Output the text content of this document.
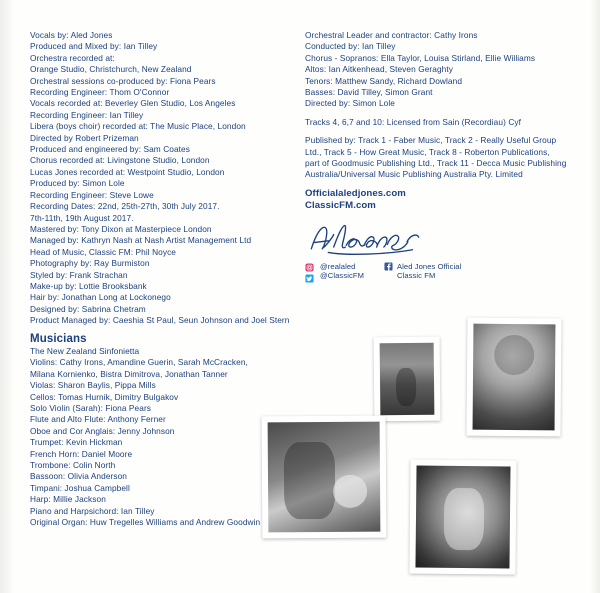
Vocals by: Aled Jones
Produced and Mixed by: Ian Tilley
Orchestra recorded at:
Orange Studio, Christchurch, New Zealand
Orchestral sessions co-produced by: Fiona Pears
Recording Engineer: Thom O'Connor
Vocals recorded at: Beverley Glen Studio, Los Angeles
Recording Engineer: Ian Tilley
Libera (boys choir) recorded at: The Music Place, London
Directed by Robert Prizeman
Produced and engineered by: Sam Coates
Chorus recorded at: Livingstone Studio, London
Lucas Jones recorded at: Westpoint Studio, London
Produced by: Simon Lole
Recording Engineer: Steve Lowe
Recording Dates: 22nd, 25th-27th, 30th July 2017.
7th-11th, 19th August 2017.
Mastered by: Tony Dixon at Masterpiece London
Managed by: Kathryn Nash at Nash Artist Management Ltd
Head of Music, Classic FM: Phil Noyce
Photography by: Ray Burmiston
Styled by: Frank Strachan
Make-up by: Lottie Brooksbank
Hair by: Jonathan Long at Lockonego
Designed by: Sabrina Chetram
Product Managed by: Caeshia St Paul, Seun Johnson and Joel Stern
Musicians
The New Zealand Sinfonietta
Violins: Cathy Irons, Amandine Guerin, Sarah McCracken,
Milana Kornienko, Bistra Dimitrova, Jonathan Tanner
Violas: Sharon Baylis, Pippa Mills
Cellos: Tomas Hurnik, Dimitry Bulgakov
Solo Violin (Sarah): Fiona Pears
Flute and Alto Flute: Anthony Ferner
Oboe and Cor Anglais: Jenny Johnson
Trumpet: Kevin Hickman
French Horn: Daniel Moore
Trombone: Colin North
Bassoon: Olivia Anderson
Timpani: Joshua Campbell
Harp: Millie Jackson
Piano and Harpsichord: Ian Tilley
Original Organ: Huw Tregelles Williams and Andrew Goodwin
Orchestral Leader and contractor: Cathy Irons
Conducted by: Ian Tilley
Chorus - Sopranos: Ella Taylor, Louisa Stirland, Ellie Williams
Altos: Ian Aitkenhead, Steven Geraghty
Tenors: Matthew Sandy, Richard Dowland
Basses: David Tilley, Simon Grant
Directed by: Simon Lole
Tracks 4, 6,7 and 10: Licensed from Sain (Recordiau) Cyf
Published by: Track 1 - Faber Music, Track 2 - Really Useful Group
Ltd., Track 5 - How Great Music, Track 8 - Roberton Publications,
part of Goodmusic Publishing Ltd., Track 11 - Decca Music Publishing
Australia/Universal Music Publishing Australia Pty. Limited
Officialaledjones.com
ClassicFM.com
@realaled
@ClassicFM
Aled Jones Official
Classic FM
